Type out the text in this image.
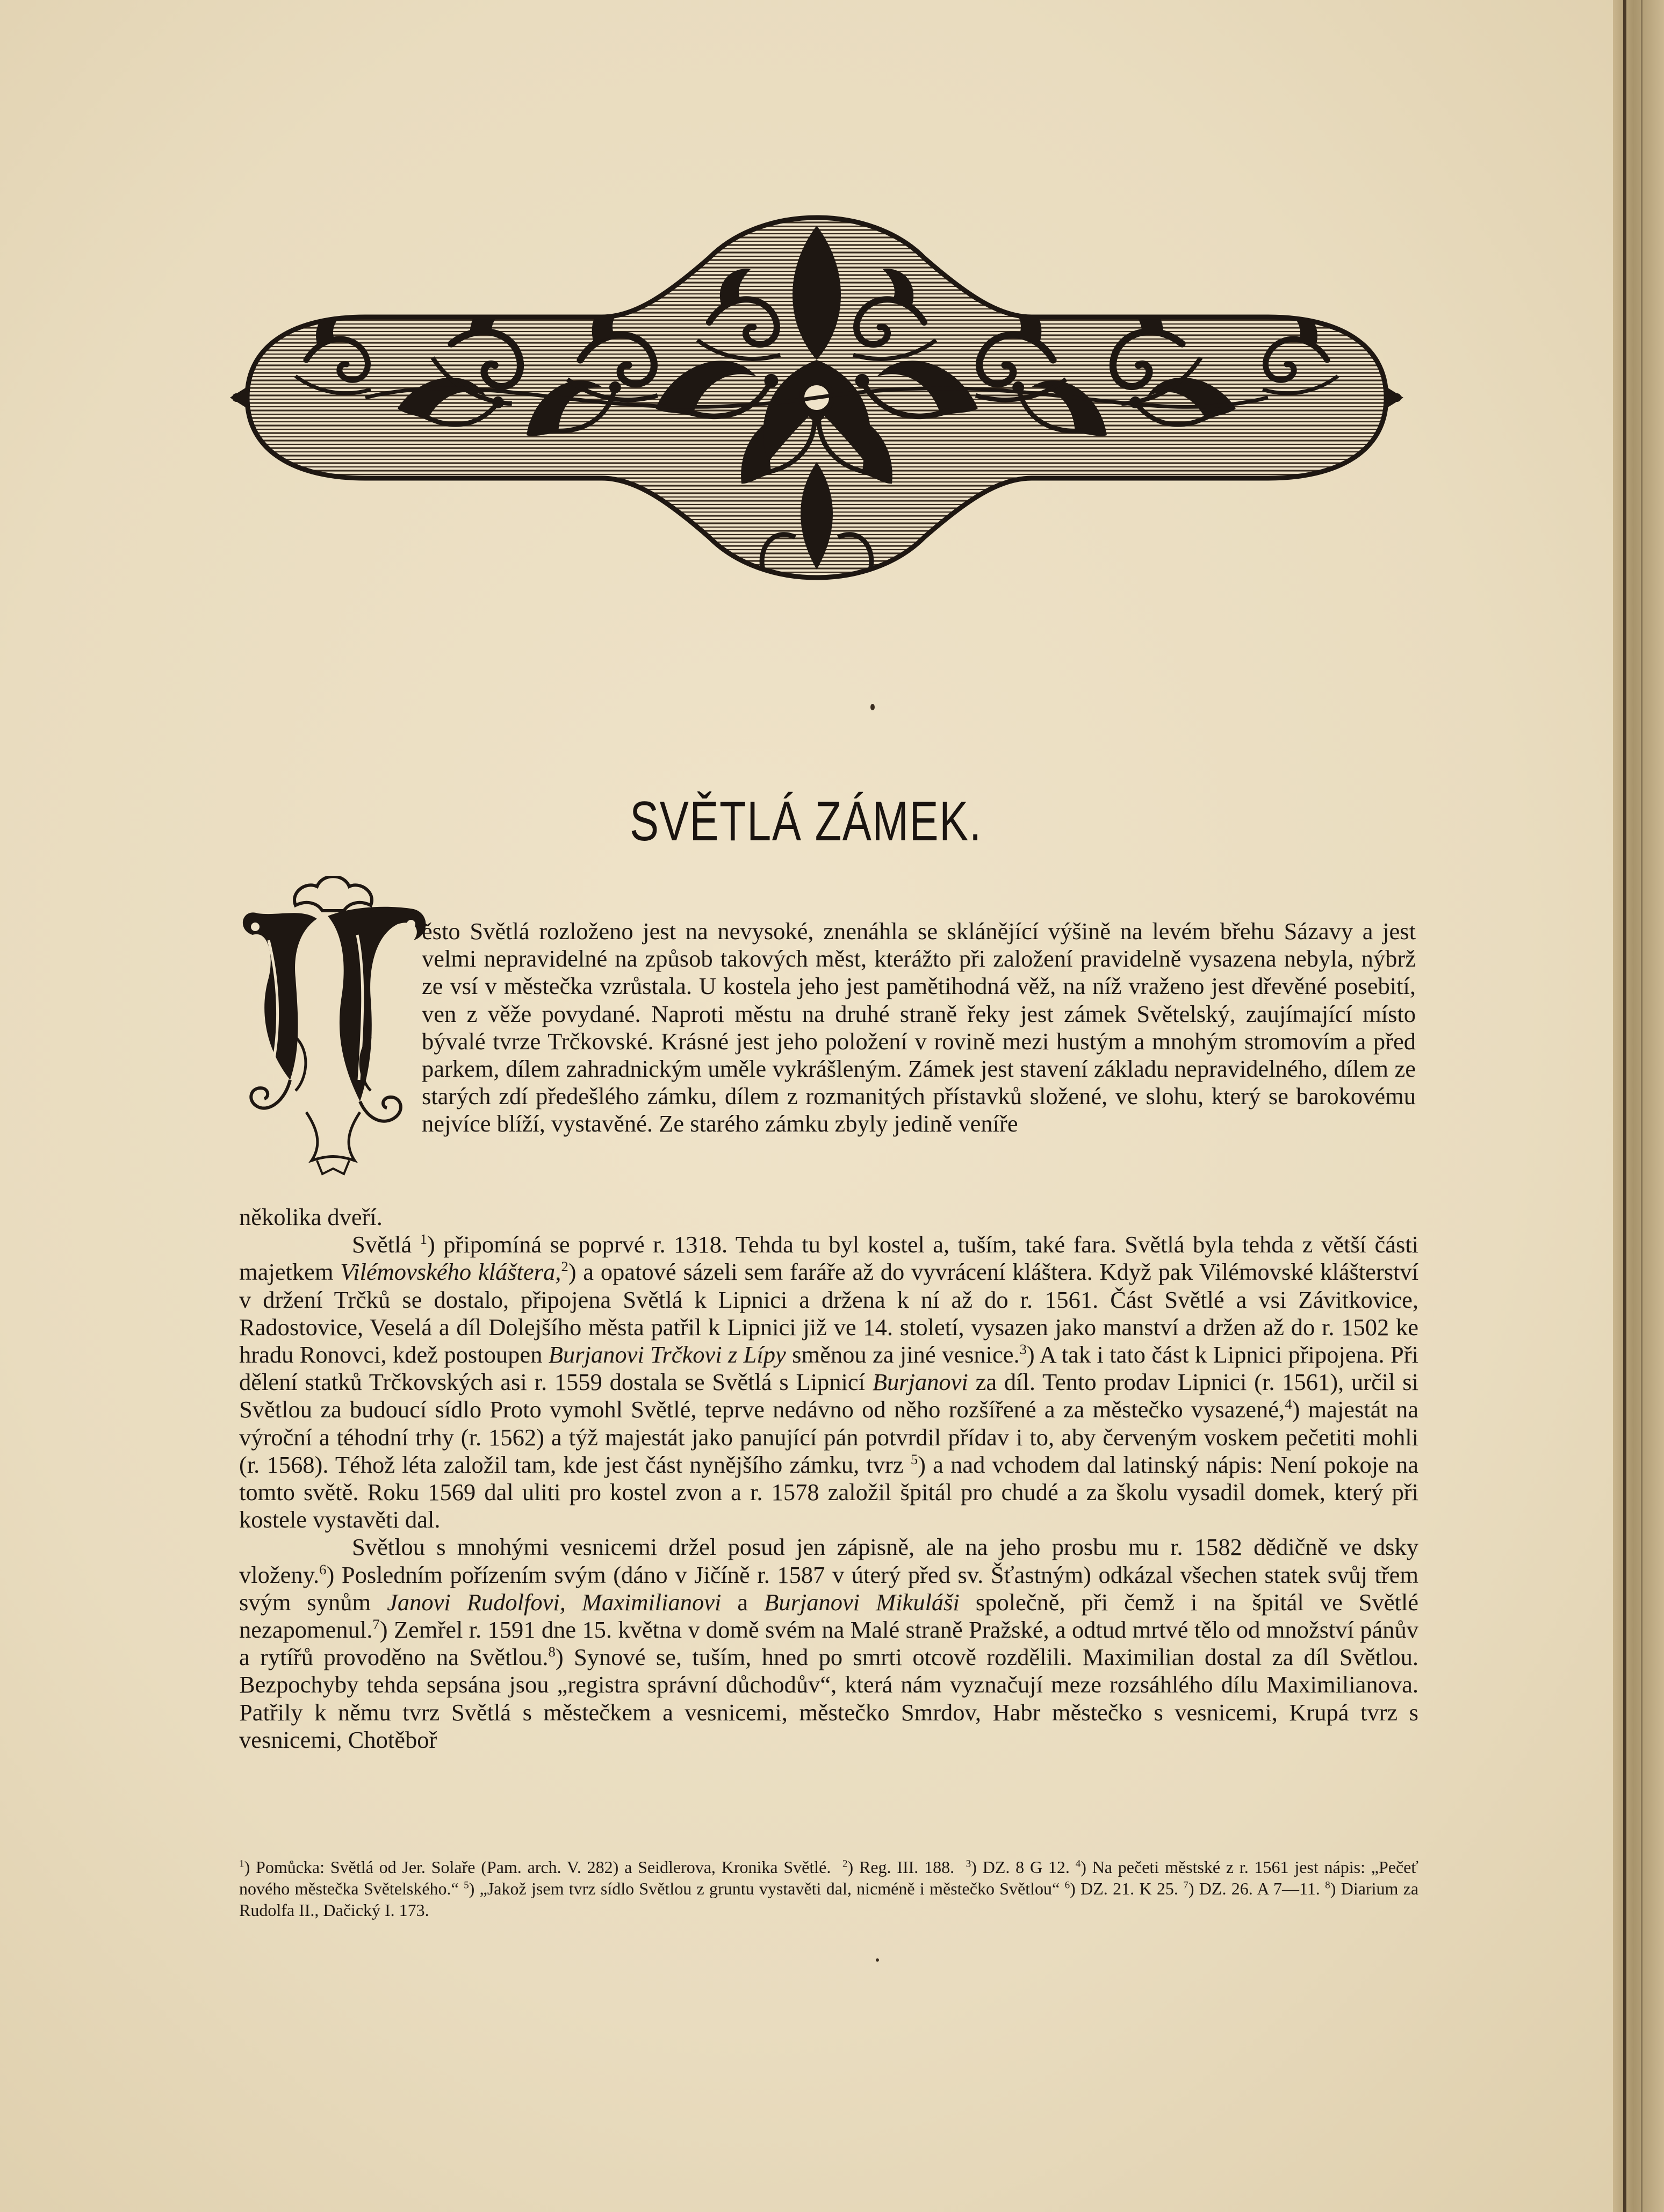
SVĚTLÁ ZÁMEK.

ěsto Světlá rozloženo jest na nevysoké, znenáhla se sklánějící výšině na levém břehu Sázavy a jest velmi nepravidelné na způsob takových měst, kterážto při založení pravidelně vysazena nebyla, nýbrž ze vsí v městečka vzrůstala. U kostela jeho jest pamětihodná věž, na níž vraženo jest dřevěné posebití, ven z věže povydané. Naproti městu na druhé straně řeky jest zámek Světelský, zaujímající místo bývalé tvrze Trčkovské. Krásné jest jeho položení v rovině mezi hustým a mnohým stromovím a před parkem, dílem zahradnickým uměle vykrášleným. Zámek jest stavení základu nepravidelného, dílem ze starých zdí předešlého zámku, dílem z rozmanitých přístavků složené, ve slohu, který se barokovému nejvíce blíží, vystavěné. Ze starého zámku zbyly jedině veníře

několika dveří.

Světlá $^1$) připomíná se poprvé r. 1318. Tehda tu byl kostel a, tuším, také fara. Světlá byla tehda z větší části majetkem Vilémovského kláštera,$^2$) a opatové sázeli sem faráře až do vyvrácení kláštera. Když pak Vilémovské klášterství v držení Trčků se dostalo, připojena Světlá k Lipnici a držena k ní až do r. 1561. Část Světlé a vsi Závitkovice, Radostovice, Veselá a díl Dolejšího města patřil k Lipnici již ve 14. století, vysazen jako manství a držen až do r. 1502 ke hradu Ronovci, kdež postoupen Burjanovi Trčkovi z Lípy směnou za jiné vesnice.$^3$) A tak i tato část k Lipnici připojena. Při dělení statků Trčkovských asi r. 1559 dostala se Světlá s Lipnicí Burjanovi za díl. Tento prodav Lipnici (r. 1561), určil si Světlou za budoucí sídlo Proto vymohl Světlé, teprve nedávno od něho rozšířené a za městečko vysazené,$^4$) majestát na výroční a téhodní trhy (r. 1562) a týž majestát jako panující pán potvrdil přídav i to, aby červeným voskem pečetiti mohli (r. 1568). Téhož léta založil tam, kde jest část nynějšího zámku, tvrz $^5$) a nad vchodem dal latinský nápis: Není pokoje na tomto světě. Roku 1569 dal uliti pro kostel zvon a r. 1578 založil špitál pro chudé a za školu vysadil domek, který při kostele vystavěti dal.

Světlou s mnohými vesnicemi držel posud jen zápisně, ale na jeho prosbu mu r. 1582 dědičně ve dsky vloženy.$^6$) Posledním pořízením svým (dáno v Jičíně r. 1587 v úterý před sv. Šťastným) odkázal všechen statek svůj třem svým synům Janovi Rudolfovi, Maximilianovi a Burjanovi Mikuláši společně, při čemž i na špitál ve Světlé nezapomenul.$^7$) Zemřel r. 1591 dne 15. května v domě svém na Malé straně Pražské, a odtud mrtvé tělo od množství pánův a rytířů provoděno na Světlou.$^8$) Synové se, tuším, hned po smrti otcově rozdělili. Maximilian dostal za díl Světlou. Bezpochyby tehda sepsána jsou „registra správní důchodův“, která nám vyznačují meze rozsáhlého dílu Maximilianova. Patřily k němu tvrz Světlá s městečkem a vesnicemi, městečko Smrdov, Habr městečko s vesnicemi, Krupá tvrz s vesnicemi, Chotěboř

$^1$) Pomůcka: Světlá od Jer. Solaře (Pam. arch. V. 282) a Seidlerova, Kronika Světlé. $^2$) Reg. III. 188. $^3$) DZ. 8 G 12. $^4$) Na pečeti městské z r. 1561 jest nápis: „Pečeť nového městečka Světelského.“ $^5$) „Jakož jsem tvrz sídlo Světlou z gruntu vystavěti dal, nicméně i městečko Světlou“ $^6$) DZ. 21. K 25. $^7$) DZ. 26. A 7—11. $^8$) Diarium za Rudolfa II., Dačický I. 173.
